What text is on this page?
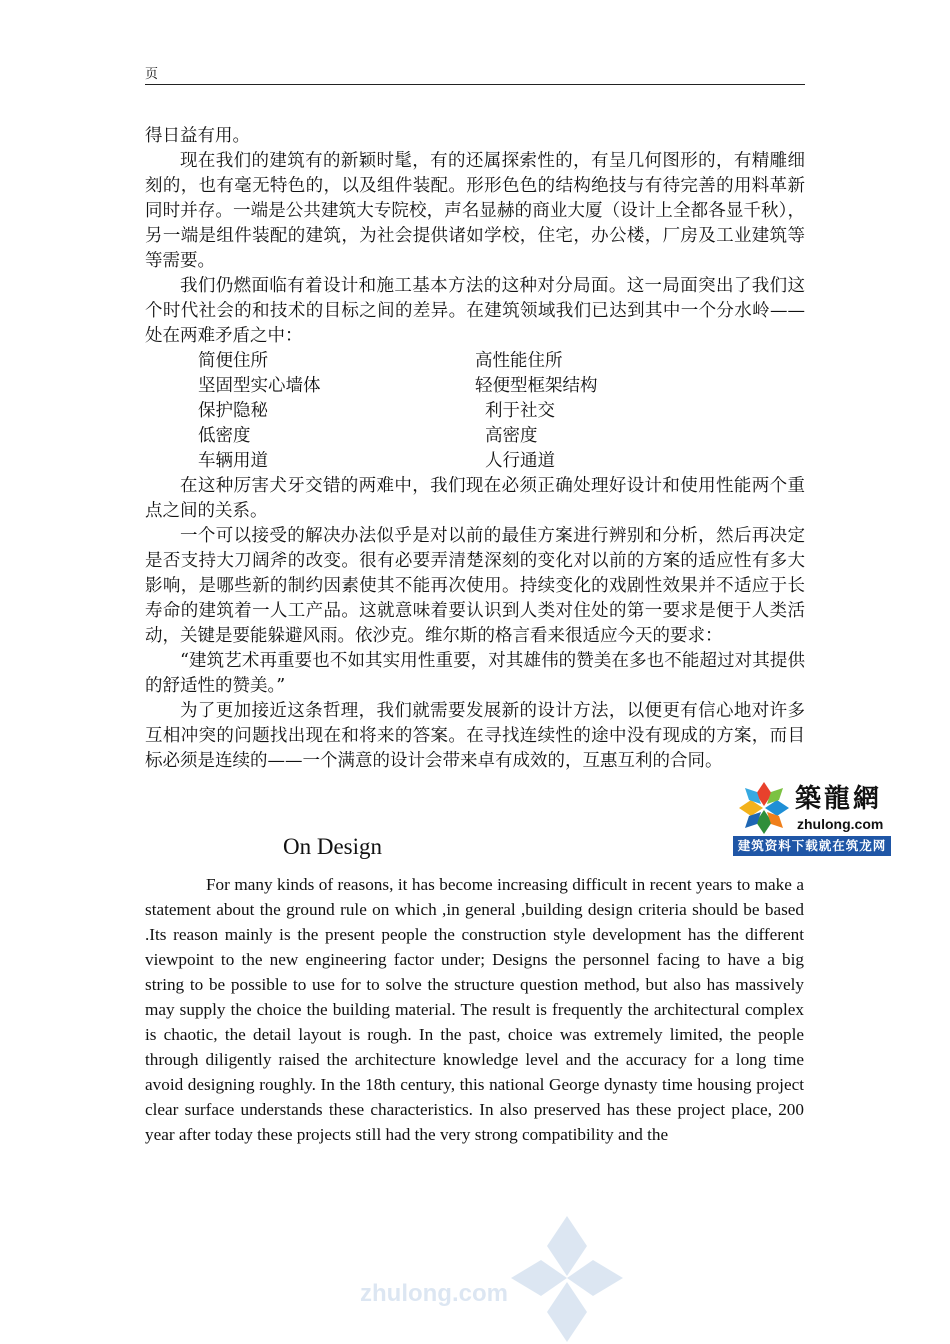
页

得日益有用。

现在我们的建筑有的新颖时髦，有的还属探索性的，有呈几何图形的，有精雕细刻的，也有毫无特色的，以及组件装配。形形色色的结构绝技与有待完善的用料革新同时并存。一端是公共建筑大专院校，声名显赫的商业大厦（设计上全都各显千秋），另一端是组件装配的建筑，为社会提供诸如学校，住宅，办公楼，厂房及工业建筑等等需要。

我们仍燃面临有着设计和施工基本方法的这种对分局面。这一局面突出了我们这个时代社会的和技术的目标之间的差异。在建筑领域我们已达到其中一个分水岭——处在两难矛盾之中：

简便住所	高性能住所
坚固型实心墙体	轻便型框架结构
保护隐秘	利于社交
低密度	高密度
车辆用道	人行通道

在这种厉害犬牙交错的两难中，我们现在必须正确处理好设计和使用性能两个重点之间的关系。

一个可以接受的解决办法似乎是对以前的最佳方案进行辨别和分析，然后再决定是否支持大刀阔斧的改变。很有必要弄清楚深刻的变化对以前的方案的适应性有多大影响，是哪些新的制约因素使其不能再次使用。持续变化的戏剧性效果并不适应于长寿命的建筑着一人工产品。这就意味着要认识到人类对住处的第一要求是便于人类活动，关键是要能躲避风雨。依沙克。维尔斯的格言看来很适应今天的要求：

“建筑艺术再重要也不如其实用性重要，对其雄伟的赞美在多也不能超过对其提供的舒适性的赞美。”

为了更加接近这条哲理，我们就需要发展新的设计方法，以便更有信心地对许多互相冲突的问题找出现在和将来的答案。在寻找连续性的途中没有现成的方案，而目标必须是连续的——一个满意的设计会带来卓有成效的，互惠互利的合同。

築龍網
zhulong.com
建筑资料下载就在筑龙网
On Design

For many kinds of reasons, it has become increasing difficult in recent years to make a statement about the ground rule on which ,in general ,building design criteria should be based .Its reason mainly is the present people the construction style development has the different viewpoint to the new engineering factor under; Designs the personnel facing to have a big string to be possible to use for to solve the structure question method, but also has massively may supply the choice the building material. The result is frequently the architectural complex is chaotic, the detail layout is rough. In the past, choice was extremely limited, the people through diligently raised the architecture knowledge level and the accuracy for a long time avoid designing roughly. In the 18th century, this national George dynasty time housing project clear surface understands these characteristics. In also preserved has these project place, 200 year after today these projects still had the very strong compatibility and the

zhulong.com
